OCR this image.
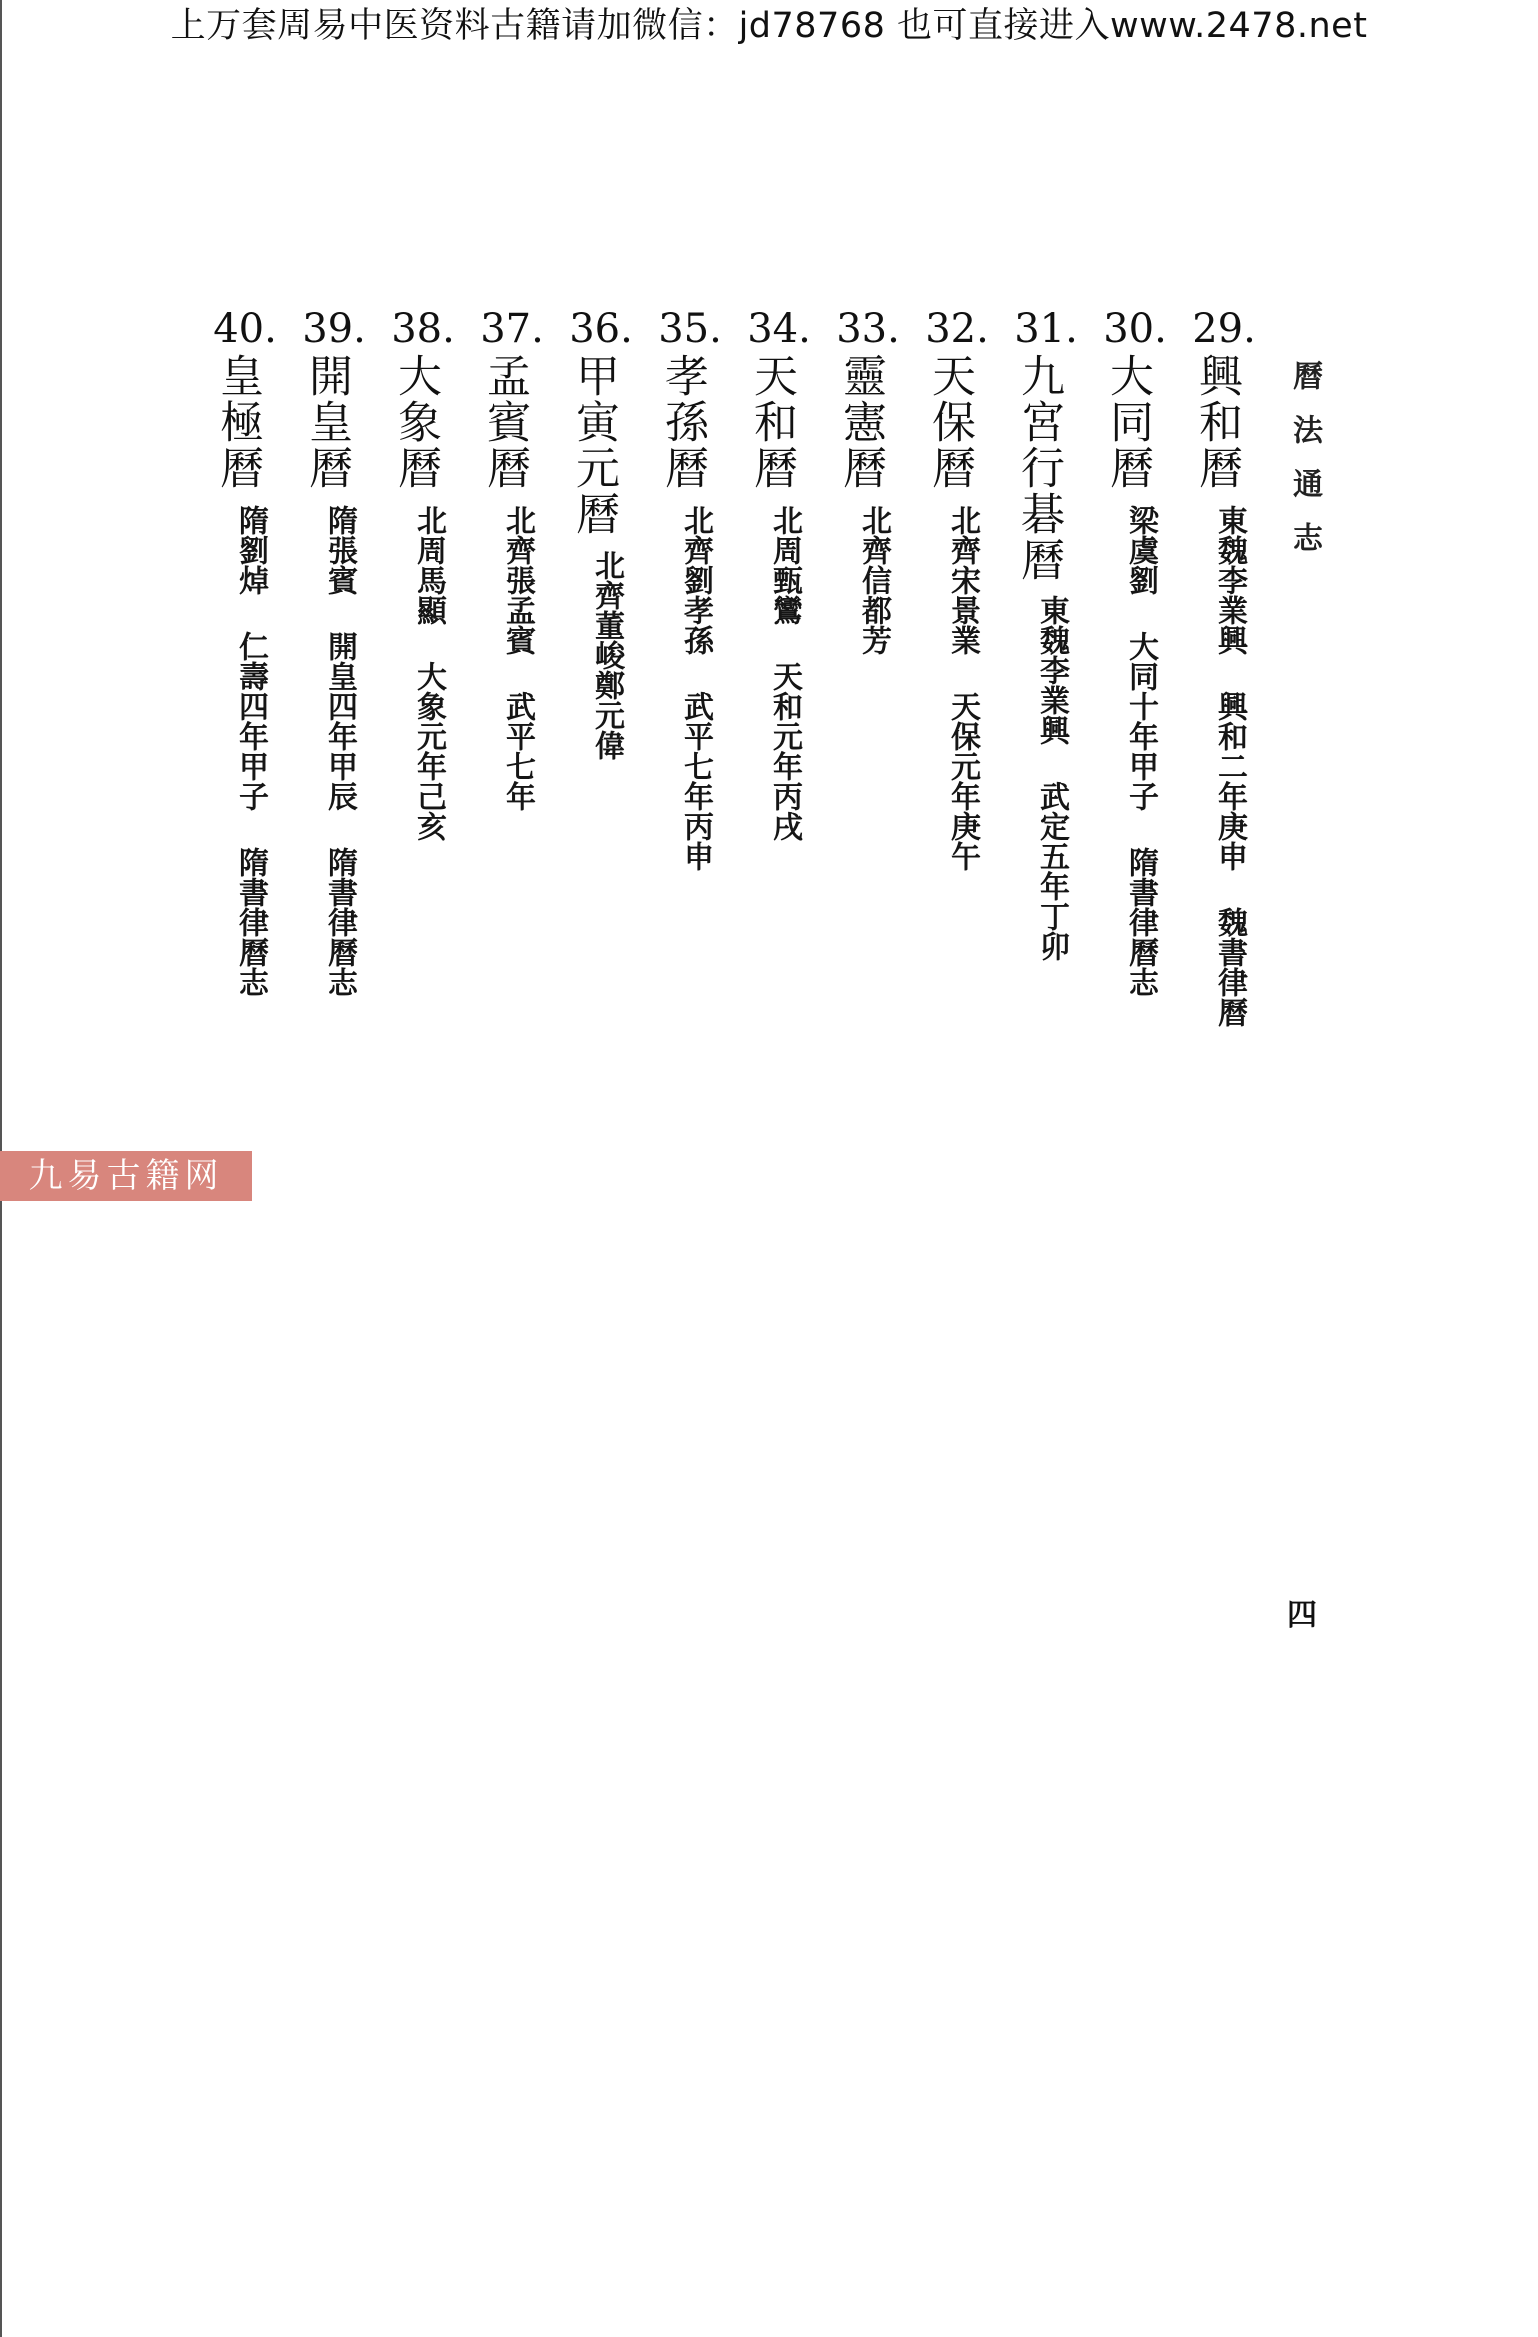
上万套周易中医资料古籍请加微信：jd78768 也可直接进入www.2478.net
曆法通志
29.
興和曆
東魏李業興興和二年庚申魏書律曆
30.
大同曆
梁虞劉大同十年甲子隋書律曆志
31.
九宮行碁曆
東魏李業興武定五年丁卯
32.
天保曆
北齊宋景業天保元年庚午
33.
靈憲曆
北齊信都芳
34.
天和曆
北周甄鸞天和元年丙戌
35.
孝孫曆
北齊劉孝孫武平七年丙申
36.
甲寅元曆
北齊董峻鄭元偉
37.
孟賓曆
北齊張孟賓武平七年
38.
大象曆
北周馬顯大象元年己亥
39.
開皇曆
隋張賓開皇四年甲辰隋書律曆志
40.
皇極曆
隋劉焯仁壽四年甲子隋書律曆志
九易古籍网
四
